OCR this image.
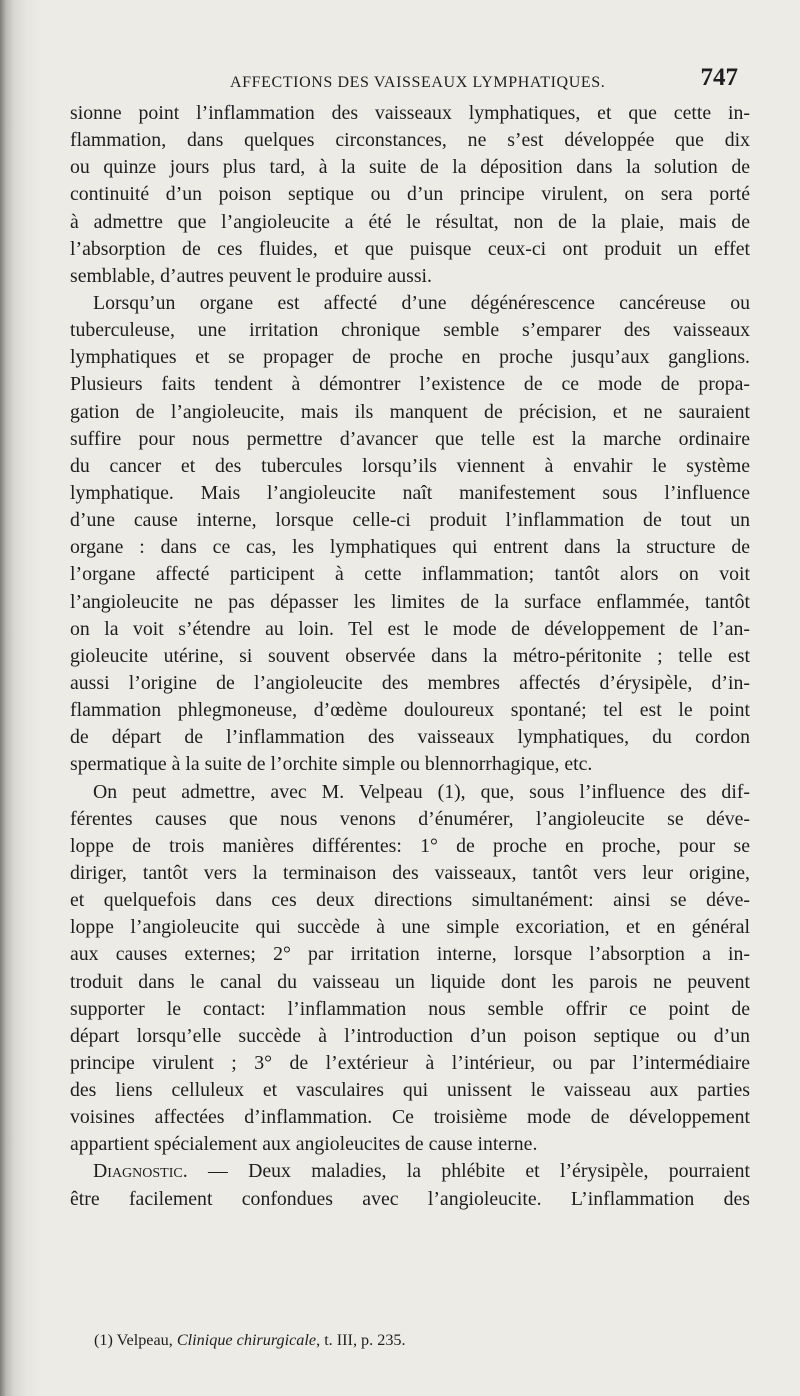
AFFECTIONS DES VAISSEAUX LYMPHATIQUES.	747
sionne point l’inflammation des vaisseaux lymphatiques, et que cette in-
flammation, dans quelques circonstances, ne s’est développée que dix
ou quinze jours plus tard, à la suite de la déposition dans la solution de
continuité d’un poison septique ou d’un principe virulent, on sera porté
à admettre que l’angioleucite a été le résultat, non de la plaie, mais de
l’absorption de ces fluides, et que puisque ceux-ci ont produit un effet
semblable, d’autres peuvent le produire aussi.
Lorsqu’un organe est affecté d’une dégénérescence cancéreuse ou
tuberculeuse, une irritation chronique semble s’emparer des vaisseaux
lymphatiques et se propager de proche en proche jusqu’aux ganglions.
Plusieurs faits tendent à démontrer l’existence de ce mode de propa-
gation de l’angioleucite, mais ils manquent de précision, et ne sauraient
suffire pour nous permettre d’avancer que telle est la marche ordinaire
du cancer et des tubercules lorsqu’ils viennent à envahir le système
lymphatique. Mais l’angioleucite naît manifestement sous l’influence
d’une cause interne, lorsque celle-ci produit l’inflammation de tout un
organe : dans ce cas, les lymphatiques qui entrent dans la structure de
l’organe affecté participent à cette inflammation; tantôt alors on voit
l’angioleucite ne pas dépasser les limites de la surface enflammée, tantôt
on la voit s’étendre au loin. Tel est le mode de développement de l’an-
gioleucite utérine, si souvent observée dans la métro-péritonite ; telle est
aussi l’origine de l’angioleucite des membres affectés d’érysipèle, d’in-
flammation phlegmoneuse, d’œdème douloureux spontané; tel est le point
de départ de l’inflammation des vaisseaux lymphatiques, du cordon
spermatique à la suite de l’orchite simple ou blennorrhagique, etc.
On peut admettre, avec M. Velpeau (1), que, sous l’influence des dif-
férentes causes que nous venons d’énumérer, l’angioleucite se déve-
loppe de trois manières différentes: 1° de proche en proche, pour se
diriger, tantôt vers la terminaison des vaisseaux, tantôt vers leur origine,
et quelquefois dans ces deux directions simultanément: ainsi se déve-
loppe l’angioleucite qui succède à une simple excoriation, et en général
aux causes externes; 2° par irritation interne, lorsque l’absorption a in-
troduit dans le canal du vaisseau un liquide dont les parois ne peuvent
supporter le contact: l’inflammation nous semble offrir ce point de
départ lorsqu’elle succède à l’introduction d’un poison septique ou d’un
principe virulent ; 3° de l’extérieur à l’intérieur, ou par l’intermédiaire
des liens celluleux et vasculaires qui unissent le vaisseau aux parties
voisines affectées d’inflammation. Ce troisième mode de développement
appartient spécialement aux angioleucites de cause interne.
Diagnostic. — Deux maladies, la phlébite et l’érysipèle, pourraient
être facilement confondues avec l’angioleucite. L’inflammation des
(1) Velpeau, Clinique chirurgicale, t. III, p. 235.
